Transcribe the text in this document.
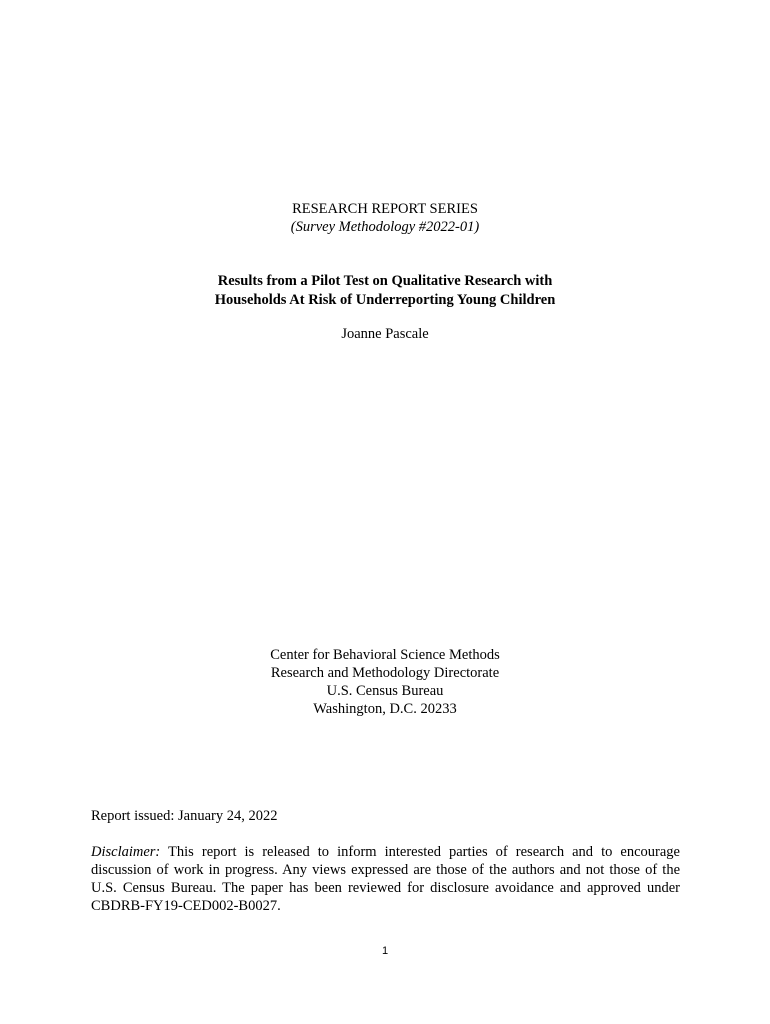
RESEARCH REPORT SERIES
(Survey Methodology #2022-01)
Results from a Pilot Test on Qualitative Research with
Households At Risk of Underreporting Young Children
Joanne Pascale
Center for Behavioral Science Methods
Research and Methodology Directorate
U.S. Census Bureau
Washington, D.C. 20233
Report issued: January 24, 2022
Disclaimer: This report is released to inform interested parties of research and to encourage
discussion of work in progress. Any views expressed are those of the authors and not those of the
U.S. Census Bureau. The paper has been reviewed for disclosure avoidance and approved under
CBDRB-FY19-CED002-B0027.
1
